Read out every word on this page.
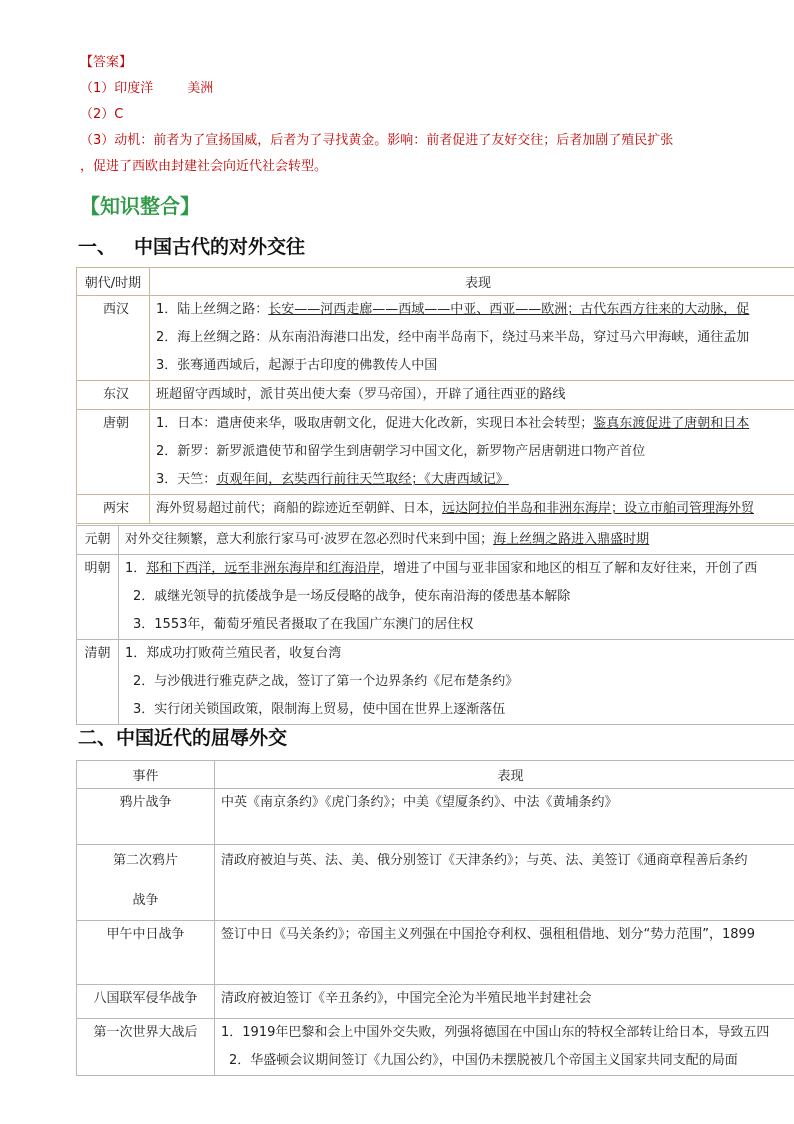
【答案】
（1）印度洋	美洲
（2）C
（3）动机：前者为了宣扬国威，后者为了寻找黄金。影响：前者促进了友好交往；后者加剧了殖民扩张
，促进了西欧由封建社会向近代社会转型。
【知识整合】
一、 中国古代的对外交往
朝代/时期	表现

西汉	1．陆上丝绸之路：长安——河西走廊——西域——中亚、西亚——欧洲；古代东西方往来的大动脉，促
2．海上丝绸之路：从东南沿海港口出发，经中南半岛南下，绕过马来半岛，穿过马六甲海峡，通往孟加
3．张骞通西域后，起源于古印度的佛教传人中国

东汉	班超留守西域时，派甘英出使大秦（罗马帝国），开辟了通往西亚的路线

唐朝	1．日本：遣唐使来华，吸取唐朝文化，促进大化改新，实现日本社会转型；鉴真东渡促进了唐朝和日本
2．新罗：新罗派遣使节和留学生到唐朝学习中国文化，新罗物产居唐朝进口物产首位
3．天竺：贞观年间，玄奘西行前往天竺取经；《大唐西域记》

两宋	海外贸易超过前代；商船的踪迹近至朝鲜、日本，远达阿拉伯半岛和非洲东海岸；设立市舶司管理海外贸
元朝	对外交往频繁，意大利旅行家马可·波罗在忽必烈时代来到中国；海上丝绸之路进入鼎盛时期

明朝	1．郑和下西洋，远至非洲东海岸和红海沿岸，增进了中国与亚非国家和地区的相互了解和友好往来，开创了西
2．戚继光领导的抗倭战争是一场反侵略的战争，使东南沿海的倭患基本解除
3．1553年，葡萄牙殖民者摄取了在我国广东澳门的居住权

清朝	1．郑成功打败荷兰殖民者，收复台湾
2．与沙俄进行雅克萨之战，签订了第一个边界条约《尼布楚条约》
3．实行闭关锁国政策，限制海上贸易，使中国在世界上逐渐落伍
二、中国近代的屈辱外交
事件	表现

鸦片战争	中英《南京条约》《虎门条约》；中美《望厦条约》、中法《黄埔条约》

第二次鸦片
战争	清政府被迫与英、法、美、俄分别签订《天津条约》；与英、法、美签订《通商章程善后条约

甲午中日战争	签订中日《马关条约》；帝国主义列强在中国抢夺利权、强租租借地、划分“势力范围”，1899

八国联军侵华战争	清政府被迫签订《辛丑条约》，中国完全沦为半殖民地半封建社会

第一次世界大战后	1．1919年巴黎和会上中国外交失败，列强将德国在中国山东的特权全部转让给日本，导致五四
2．华盛顿会议期间签订《九国公约》，中国仍未摆脱被几个帝国主义国家共同支配的局面
